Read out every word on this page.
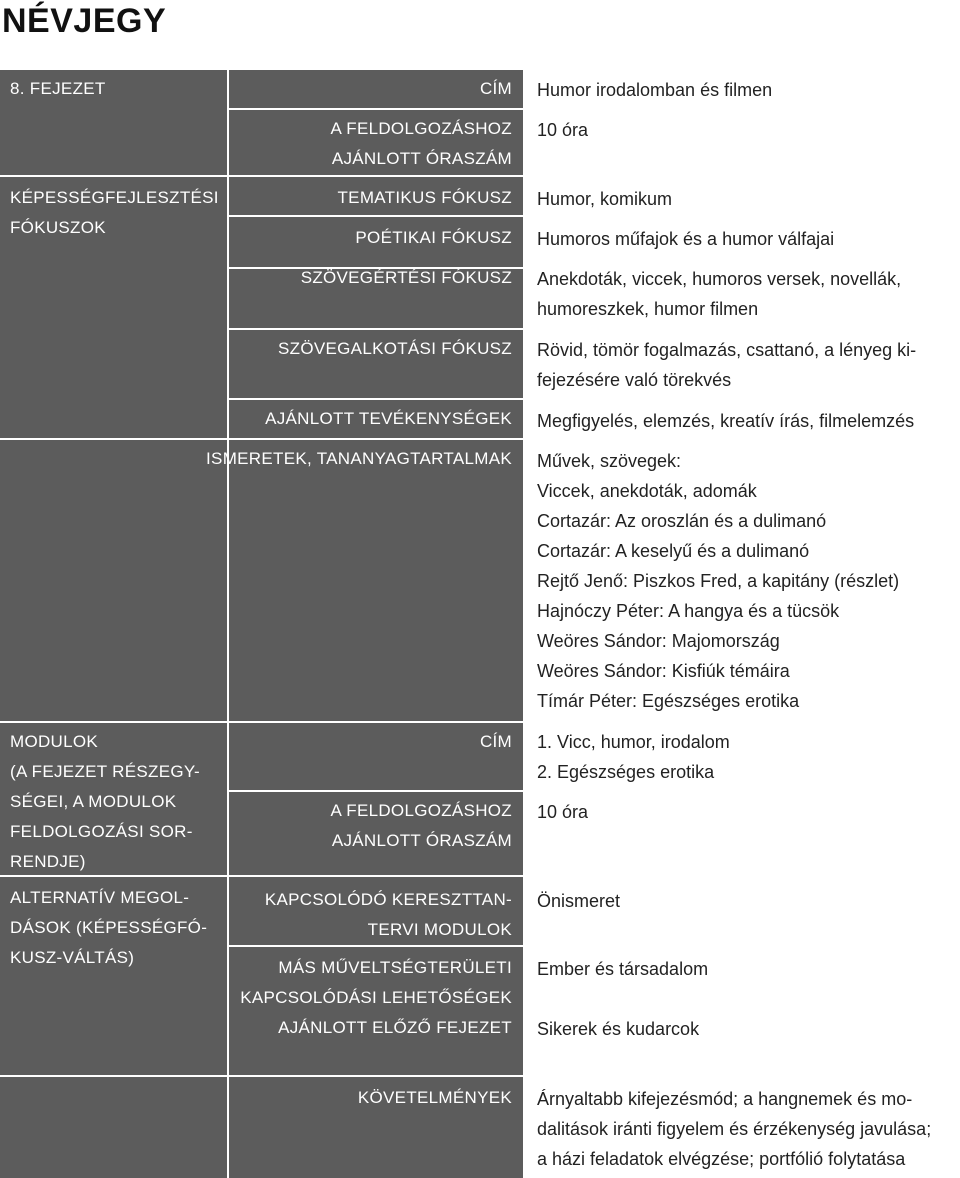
NÉVJEGY
8. FEJEZET
KÉPESSÉGFEJLESZTÉSI
FÓKUSZOK
MODULOK
(A FEJEZET RÉSZEGY-
SÉGEI, A MODULOK
FELDOLGOZÁSI SOR-
RENDJE)
ALTERNATÍV MEGOL-
DÁSOK (KÉPESSÉGFÓ-
KUSZ-VÁLTÁS)
CÍM
A FELDOLGOZÁSHOZ
AJÁNLOTT ÓRASZÁM
TEMATIKUS FÓKUSZ
POÉTIKAI FÓKUSZ
SZÖVEGÉRTÉSI FÓKUSZ
SZÖVEGALKOTÁSI FÓKUSZ
AJÁNLOTT TEVÉKENYSÉGEK
ISMERETEK, TANANYAGTARTALMAK
CÍM
A FELDOLGOZÁSHOZ
AJÁNLOTT ÓRASZÁM
KAPCSOLÓDÓ KERESZTTAN-
TERVI MODULOK
MÁS MŰVELTSÉGTERÜLETI
KAPCSOLÓDÁSI LEHETŐSÉGEK
AJÁNLOTT ELŐZŐ FEJEZET
KÖVETELMÉNYEK
Humor irodalomban és filmen
10 óra
Humor, komikum
Humoros műfajok és a humor válfajai
Anekdoták, viccek, humoros versek, novellák,
humoreszkek, humor filmen
Rövid, tömör fogalmazás, csattanó, a lényeg ki-
fejezésére való törekvés
Megfigyelés, elemzés, kreatív írás, filmelemzés
Művek, szövegek:
Viccek, anekdoták, adomák
Cortazár: Az oroszlán és a dulimanó
Cortazár: A keselyű és a dulimanó
Rejtő Jenő: Piszkos Fred, a kapitány (részlet)
Hajnóczy Péter: A hangya és a tücsök
Weöres Sándor: Majomország
Weöres Sándor: Kisfiúk témáira
Tímár Péter: Egészséges erotika
1. Vicc, humor, irodalom
2. Egészséges erotika
10 óra
Önismeret
Ember és társadalom
Sikerek és kudarcok
Árnyaltabb kifejezésmód; a hangnemek és mo-
dalitások iránti figyelem és érzékenység javulása;
a házi feladatok elvégzése; portfólió folytatása
